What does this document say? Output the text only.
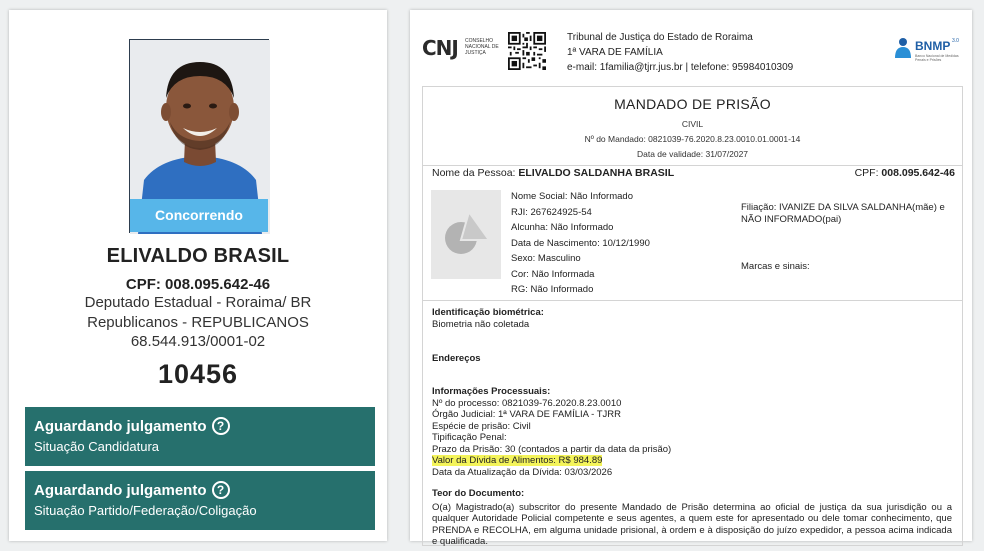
Concorrendo
ELIVALDO BRASIL
CPF: 008.095.642-46
Deputado Estadual - Roraima/ BR
Republicanos - REPUBLICANOS
68.544.913/0001-02
10456
Aguardando julgamento ?
Situação Candidatura
Aguardando julgamento ?
Situação Partido/Federação/Coligação
CNJ CONSELHO NACIONAL DE JUSTIÇA
Tribunal de Justiça do Estado de Roraima
1ª VARA DE FAMÍLIA
e-mail: 1familia@tjrr.jus.br | telefone: 95984010309
BNMP 3.0
Banco Nacional de Medidas Penais e Prisões
MANDADO DE PRISÃO
CIVIL
Nº do Mandado: 0821039-76.2020.8.23.0010.01.0001-14
Data de validade: 31/07/2027
Nome da Pessoa: ELIVALDO SALDANHA BRASIL	CPF: 008.095.642-46
Nome Social: Não Informado
RJI: 267624925-54
Alcunha: Não Informado
Data de Nascimento: 10/12/1990
Sexo: Masculino
Cor: Não Informada
RG: Não Informado
Filiação: IVANIZE DA SILVA SALDANHA(mãe) e NÃO INFORMADO(pai)
Marcas e sinais:
Identificação biométrica:
Biometria não coletada
Endereços
Informações Processuais:
Nº do processo: 0821039-76.2020.8.23.0010
Órgão Judicial: 1ª VARA DE FAMÍLIA - TJRR
Espécie de prisão: Civil
Tipificação Penal:
Prazo da Prisão: 30 (contados a partir da data da prisão)
Valor da Dívida de Alimentos: R$ 984.89
Data da Atualização da Dívida: 03/03/2026
Teor do Documento:
O(a) Magistrado(a) subscritor do presente Mandado de Prisão determina ao oficial de justiça da sua jurisdição ou a qualquer Autoridade Policial competente e seus agentes, a quem este for apresentado ou dele tomar conhecimento, que PRENDA e RECOLHA, em alguma unidade prisional, à ordem e à disposição do juízo expedidor, a pessoa acima indicada e qualificada.
